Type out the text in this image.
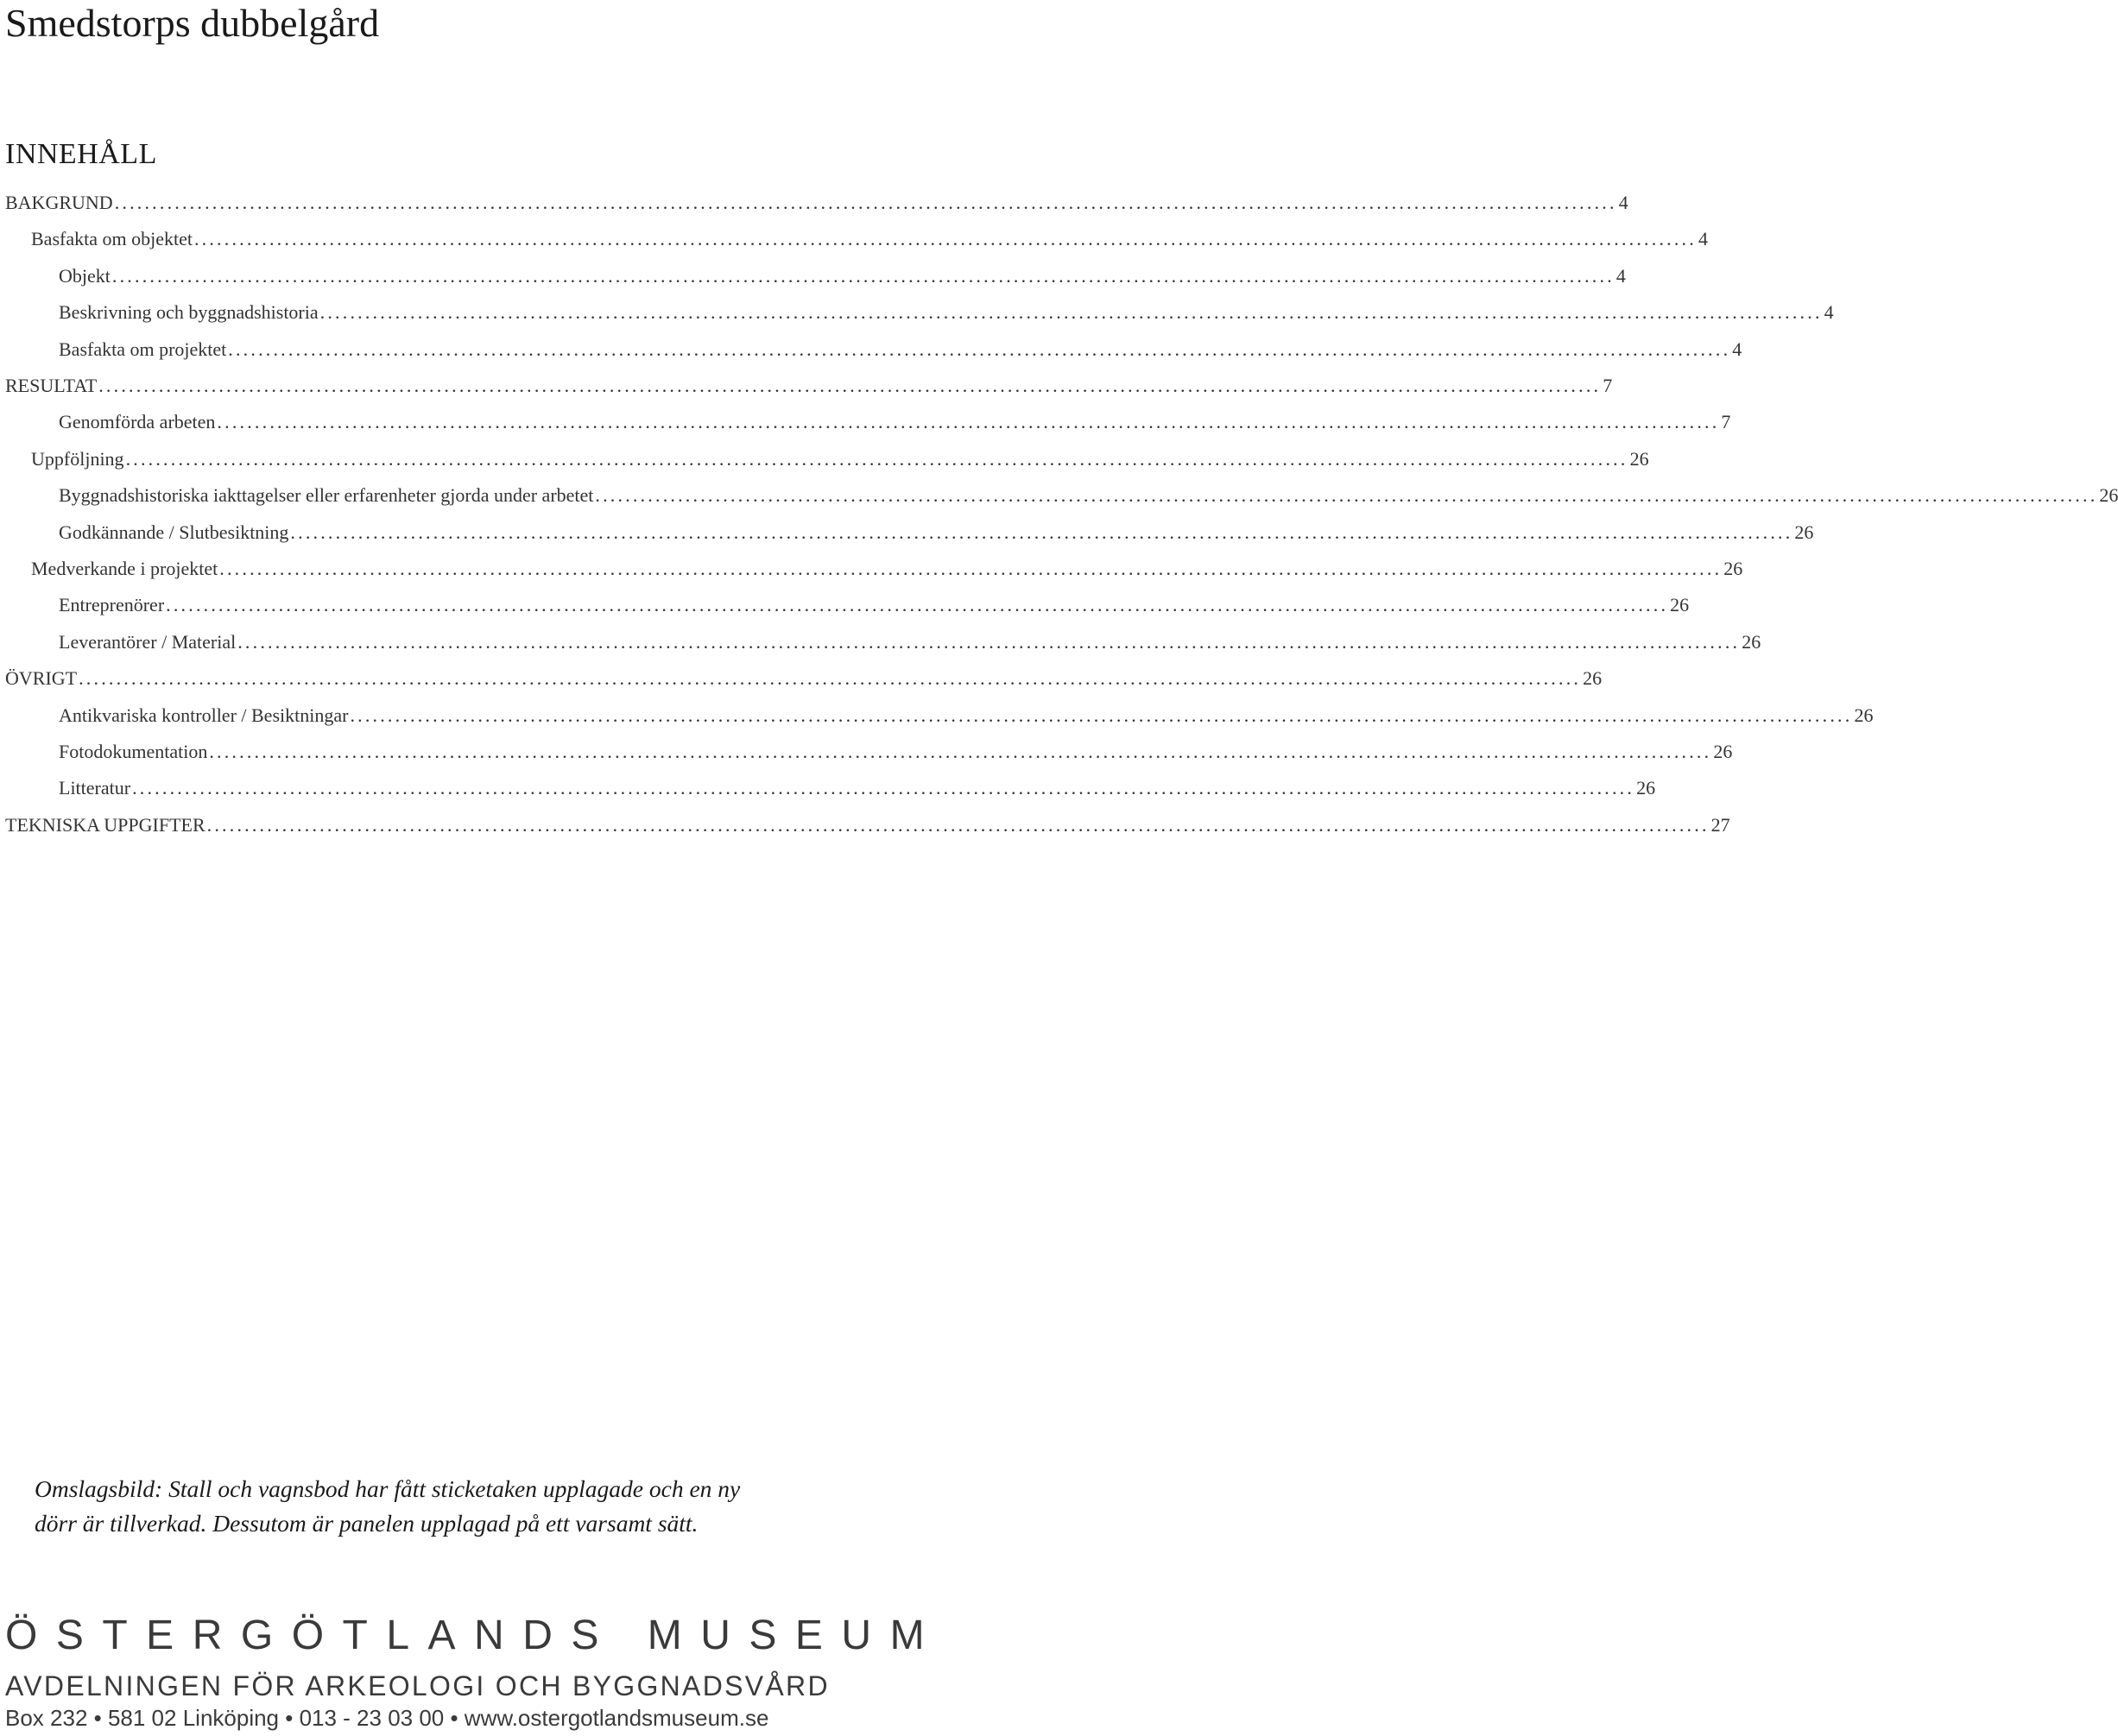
Smedstorps dubbelgård
INNEHÅLL
BAKGRUND ........................................................................................................................................................................................................ 4
Basfakta om objektet ........................................................................................................................................................................................................ 4
Objekt ........................................................................................................................................................................................................ 4
Beskrivning och byggnadshistoria ........................................................................................................................................................................................................ 4
Basfakta om projektet ........................................................................................................................................................................................................ 4
RESULTAT ........................................................................................................................................................................................................ 7
Genomförda arbeten ........................................................................................................................................................................................................ 7
Uppföljning ........................................................................................................................................................................................................ 26
Byggnadshistoriska iakttagelser eller erfarenheter gjorda under arbetet ........................................................................................................................................................................................................ 26
Godkännande / Slutbesiktning ........................................................................................................................................................................................................ 26
Medverkande i projektet ........................................................................................................................................................................................................ 26
Entreprenörer ........................................................................................................................................................................................................ 26
Leverantörer / Material ........................................................................................................................................................................................................ 26
ÖVRIGT ........................................................................................................................................................................................................ 26
Antikvariska kontroller / Besiktningar ........................................................................................................................................................................................................ 26
Fotodokumentation ........................................................................................................................................................................................................ 26
Litteratur ........................................................................................................................................................................................................ 26
TEKNISKA UPPGIFTER ........................................................................................................................................................................................................ 27

Omslagsbild: Stall och vagnsbod har fått sticketaken upplagade och en ny

dörr är tillverkad. Dessutom är panelen upplagad på ett varsamt sätt.

ÖSTERGÖTLANDS MUSEUM
AVDELNINGEN FÖR ARKEOLOGI OCH BYGGNADSVÅRD
Box 232 • 581 02 Linköping • 013 - 23 03 00 • www.ostergotlandsmuseum.se
